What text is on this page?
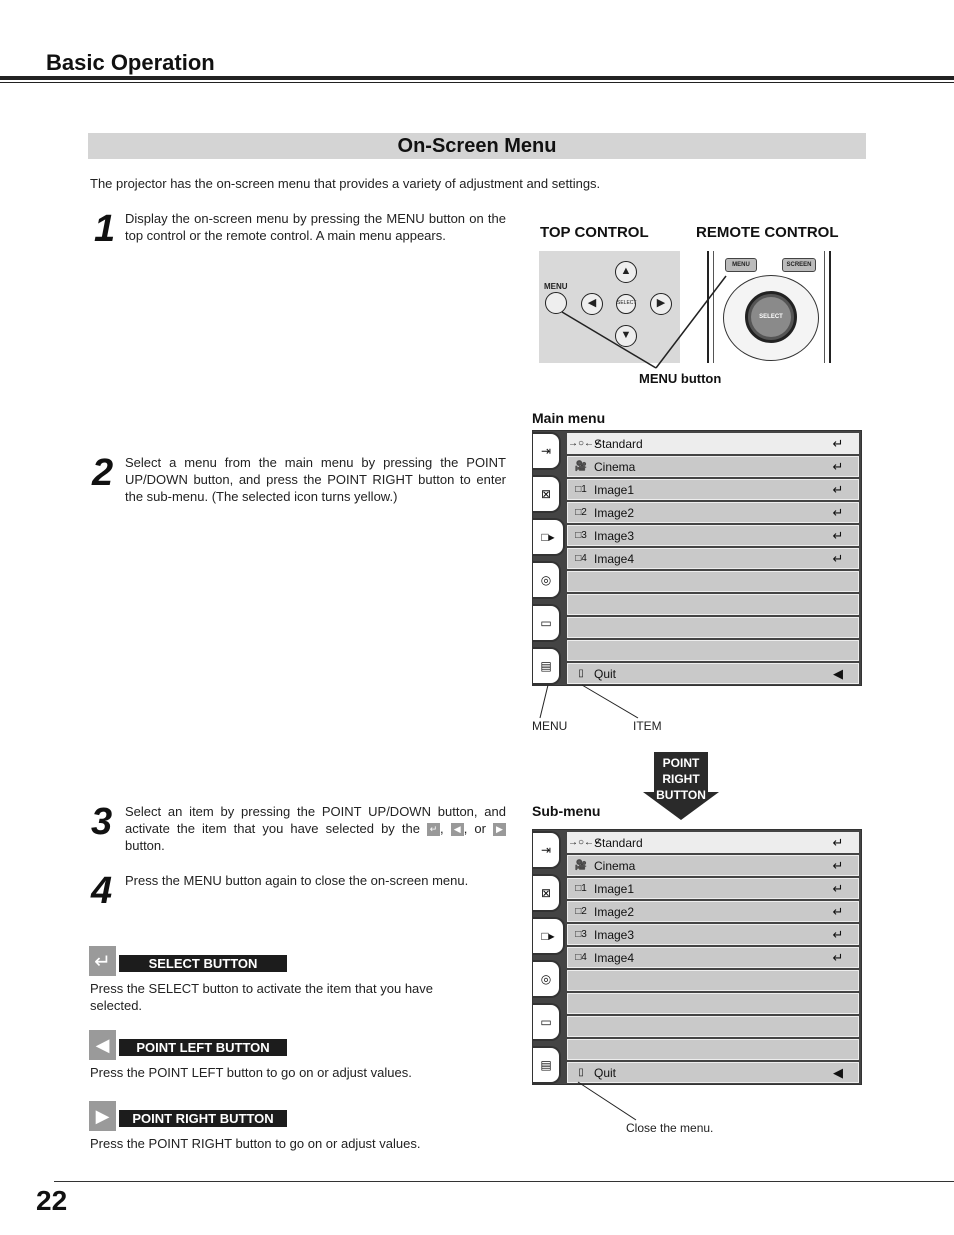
Basic Operation
On-Screen Menu
The projector has the on-screen menu that provides a variety of adjustment and settings.
1 Display the on-screen menu by pressing the MENU button on the top control or the remote control. A main menu appears.	TOP CONTROL	REMOTE CONTROL
MENU
▲
◀	SELECT	▶
▼
MENU	SCREEN
SELECT
MENU button
Main menu
⇥
⊠
□▸
◎
▭
▤
→○←✓
Standard	↵
🎥 Cinema	↵
□1 Image1	↵
□2 Image2	↵
□3 Image3	↵
□4 Image4	↵
▯ Quit	◀
MENU	ITEM
2 Select a menu from the main menu by pressing the POINT UP/DOWN button, and press the POINT RIGHT button to enter the sub-menu. (The selected icon turns yellow.)
POINT
RIGHT
BUTTON
3 Select an item by pressing the POINT UP/DOWN button, and activate the item that you have selected by the ↵ , ◀ , or ▶ button.
4 Press the MENU button again to close the on-screen menu.
Sub-menu
⇥
⊠
□▸
◎
▭
▤
→○←✓
Standard	↵
🎥 Cinema	↵
□1 Image1	↵
□2 Image2	↵
□3 Image3	↵
□4 Image4	↵
▯ Quit	◀
Close the menu.
↵	SELECT BUTTON
Press the SELECT button to activate the item that you have selected.
◀	POINT LEFT BUTTON
Press the POINT LEFT button to go on or adjust values.
▶	POINT RIGHT BUTTON
Press the POINT RIGHT button to go on or adjust values.
22
